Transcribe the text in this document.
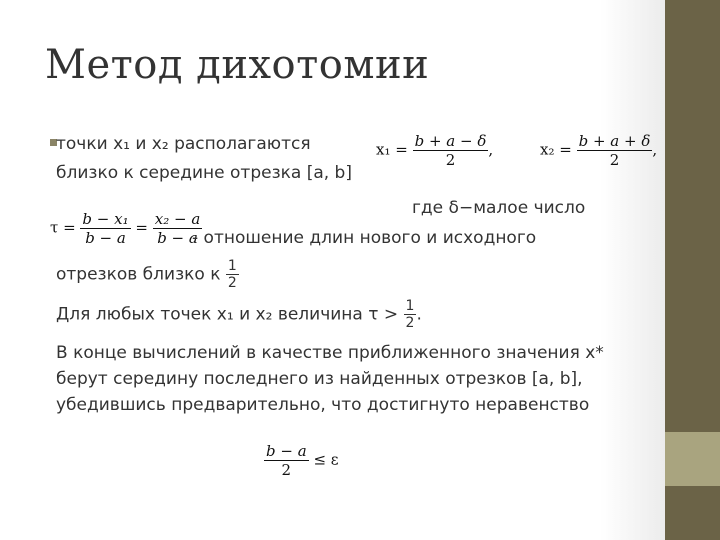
Метод дихотомии
точки x₁ и x₂ располагаются
близко к середине отрезка [a, b]
$x_1 = \frac{b + a - \delta}{2}$ ,	$x_2 = \frac{b + a + \delta}{2}$ ,
где δ−малое число
$\tau = \frac{\text{b − x₁}}{b - a} = \frac{\text{x₂ − a}}{b - a}$
- отношение длин нового и исходного
отрезков близко к $\frac{1}{2}$
Для любых точек x₁ и x₂ величина $\tau > \frac{1}{2}$ .
В конце вычислений в качестве приближенного значения x*
берут середину последнего из найденных отрезков [a, b],
убедившись предварительно, что достигнуто неравенство
$\frac{b - a}{2} \le \varepsilon$
